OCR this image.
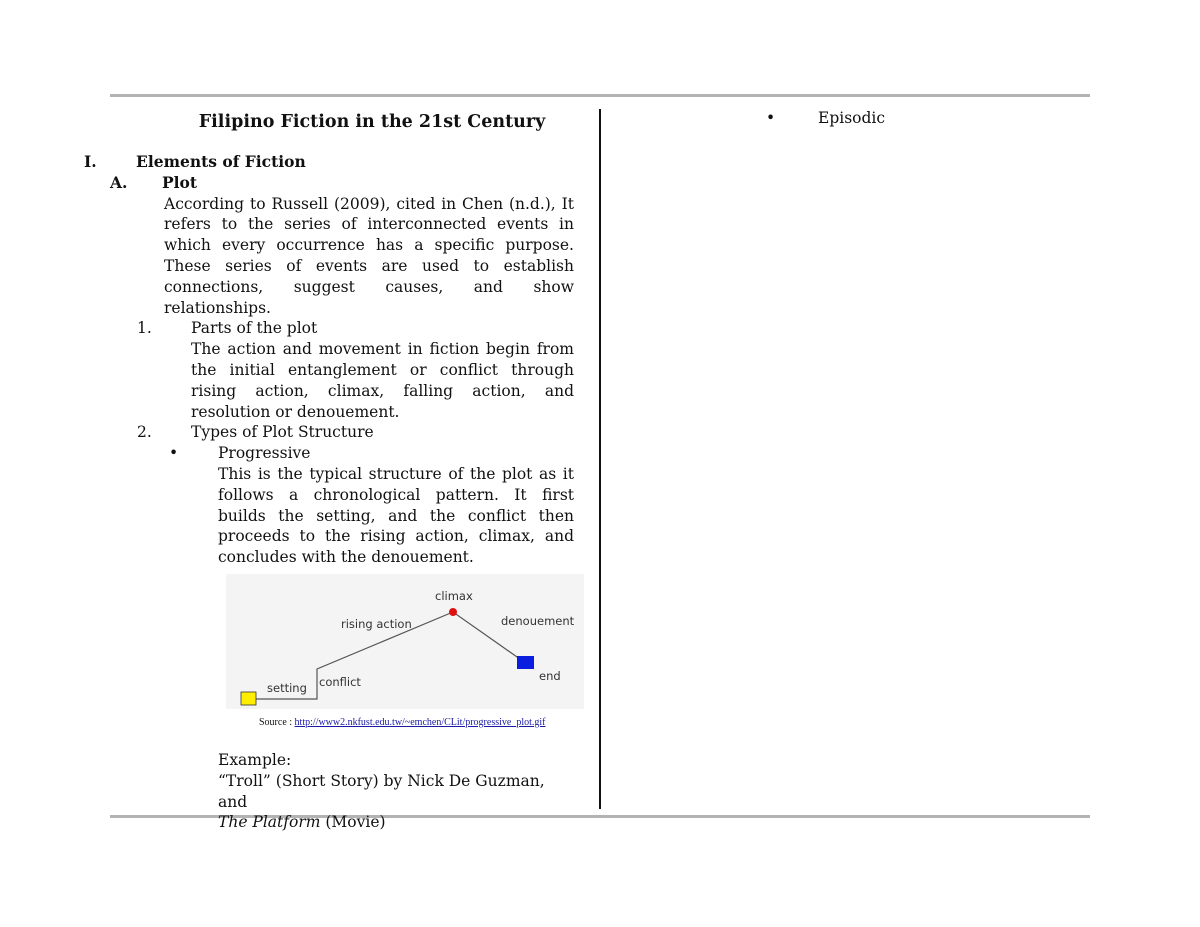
Filipino Fiction in the 21st Century
I.	Elements of Fiction
A. Plot
According to Russell (2009), cited in Chen (n.d.), It refers to the series of interconnected events in which every occurrence has a specific purpose. These series of events are used to establish connections, suggest causes, and show relationships.
1.	Parts of the plot
The action and movement in fiction begin from the initial entanglement or conflict through rising action, climax, falling action, and resolution or denouement.
2.	Types of Plot Structure
•	Progressive
This is the typical structure of the plot as it follows a chronological pattern. It first builds the setting, and the conflict then proceeds to the rising action, climax, and concludes with the denouement.
setting conflict
rising action
climax
denouement
end
Source : http://www2.nkfust.edu.tw/~emchen/CLit/progressive_plot.gif
Example:
“Troll” (Short Story) by Nick De Guzman, and
The Platform (Movie)
•	Episodic
